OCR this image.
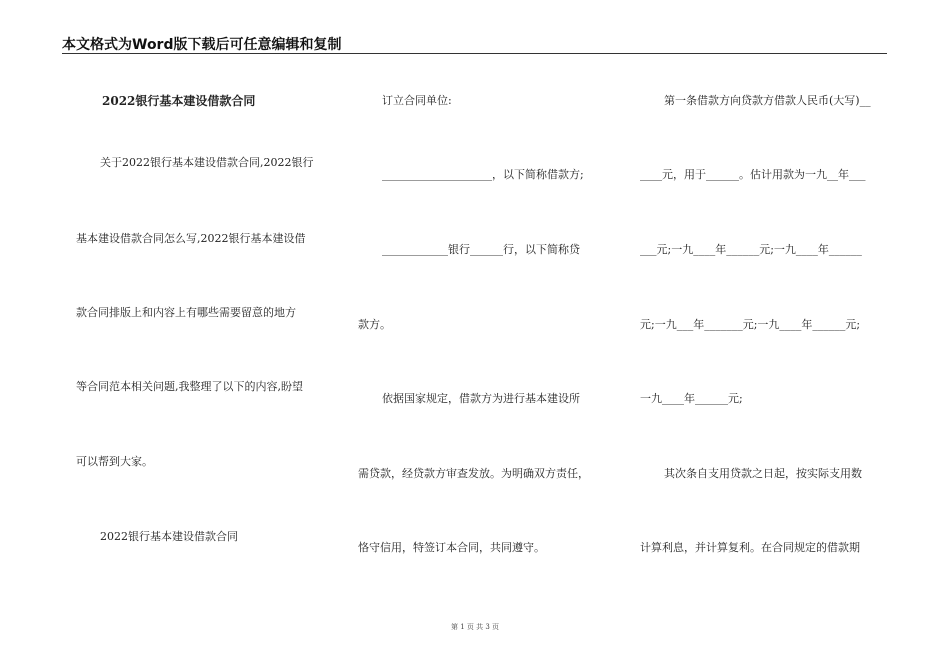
本文格式为Word版下载后可任意编辑和复制
2022银行基本建设借款合同
关于2022银行基本建设借款合同,2022银行
基本建设借款合同怎么写,2022银行基本建设借
款合同排版上和内容上有哪些需要留意的地方
等合同范本相关问题,我整理了以下的内容,盼望
可以帮到大家。
2022银行基本建设借款合同
订立合同单位:
____________________，以下简称借款方;
____________银行______行，以下简称贷
款方。
依据国家规定，借款方为进行基本建设所
需贷款，经贷款方审查发放。为明确双方责任，
恪守信用，特签订本合同，共同遵守。
第一条借款方向贷款方借款人民币(大写)__
____元，用于______。估计用款为一九__年___
___元;一九____年______元;一九____年______
元;一九___年_______元;一九____年______元;
一九____年______元;
其次条自支用贷款之日起，按实际支用数
计算利息，并计算复利。在合同规定的借款期
第 1 页 共 3 页
